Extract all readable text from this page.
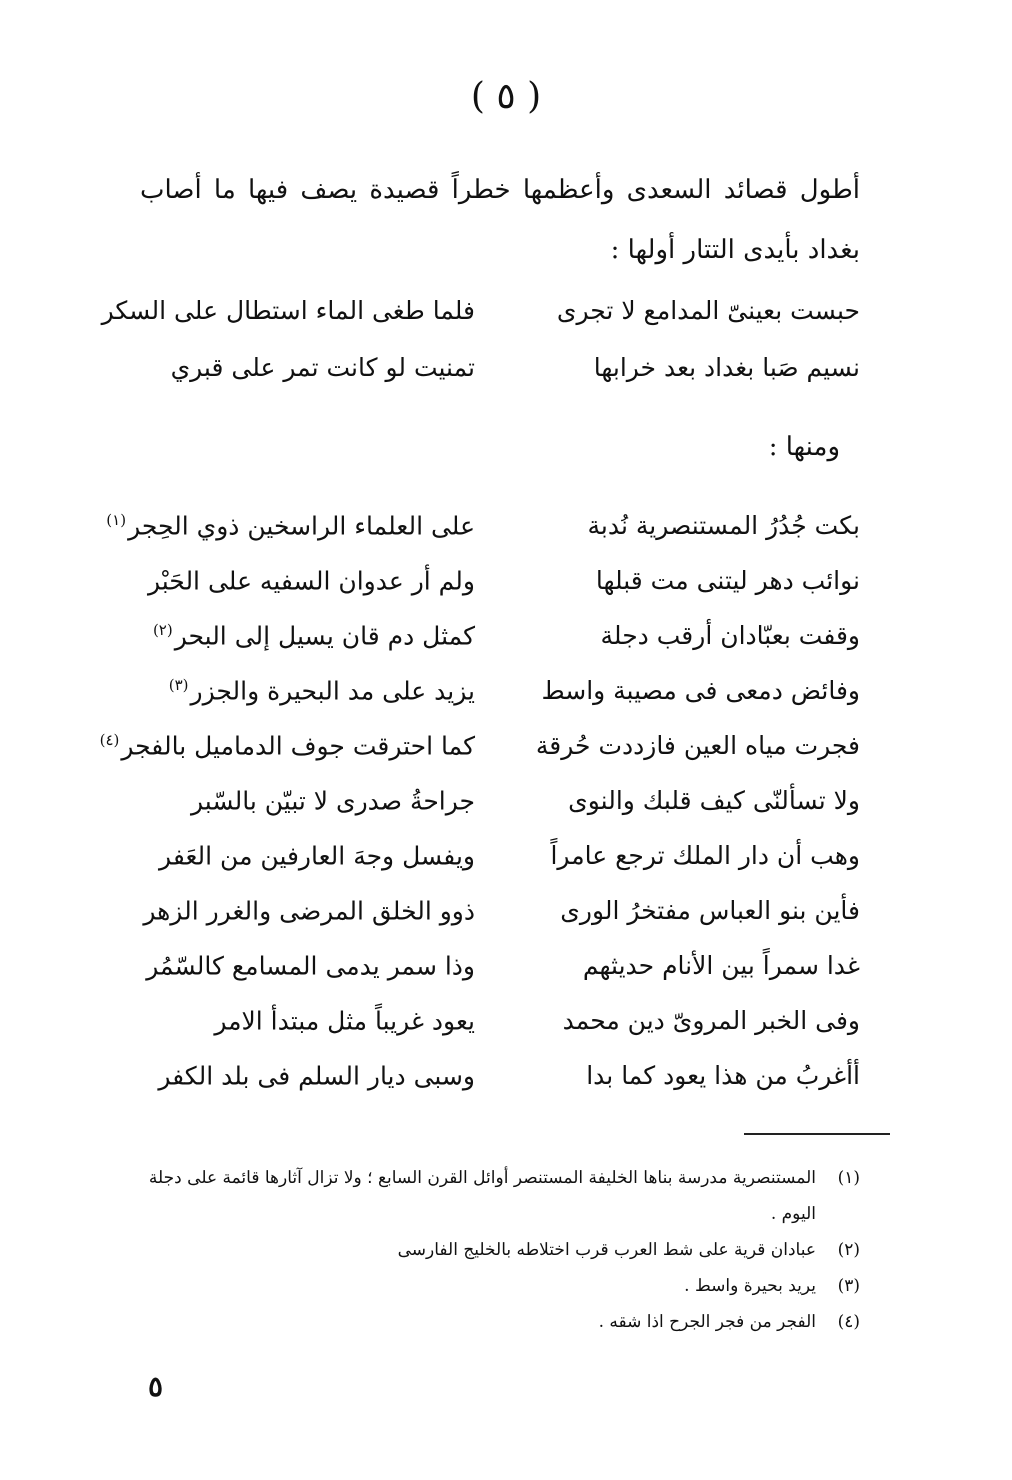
( ٥ )
أطول قصائد السعدى وأعظمها خطراً قصيدة يصف فيها ما أصاب بغداد بأيدى التتار أولها :
حبست بعينىّ المدامع لا تجرى
فلما طغى الماء استطال على السكر
نسيم صَبا بغداد بعد خرابها
تمنيت لو كانت تمر على قبري
ومنها :
بكت جُدُرُ المستنصرية نُدبة
على العلماء الراسخين ذوي الحِجر$^{(١)}$
نوائب دهر ليتنى مت قبلها
ولم أر عدوان السفيه على الحَبْر
وقفت بعبّادان أرقب دجلة
كمثل دم قان يسيل إلى البحر$^{(٢)}$
وفائض دمعى فى مصيبة واسط
يزيد على مد البحيرة والجزر$^{(٣)}$
فجرت مياه العين فازددت حُرقة
كما احترقت جوف الدماميل بالفجر$^{(٤)}$
ولا تسألنّى كيف قلبك والنوى
جراحةُ صدرى لا تبيّن بالسّبر
وهب أن دار الملك ترجع عامراً
ويفسل وجهَ العارفين من العَفر
فأين بنو العباس مفتخرُ الورى
ذوو الخلق المرضى والغرر الزهر
غدا سمراً بين الأنام حديثهم
وذا سمر يدمى المسامع كالسّمُر
وفى الخبر المروىّ دين محمد
يعود غريباً مثل مبتدأ الامر
أأغربُ من هذا يعود كما بدا
وسبى ديار السلم فى بلد الكفر
(١)
المستنصرية مدرسة بناها الخليفة المستنصر أوائل القرن السابع ؛ ولا تزال آثارها قائمة على دجلة اليوم .
(٢)
عبادان قرية على شط العرب قرب اختلاطه بالخليج الفارسى
(٣)
يريد بحيرة واسط .
(٤)
الفجر من فجر الجرح اذا شقه .
٥
